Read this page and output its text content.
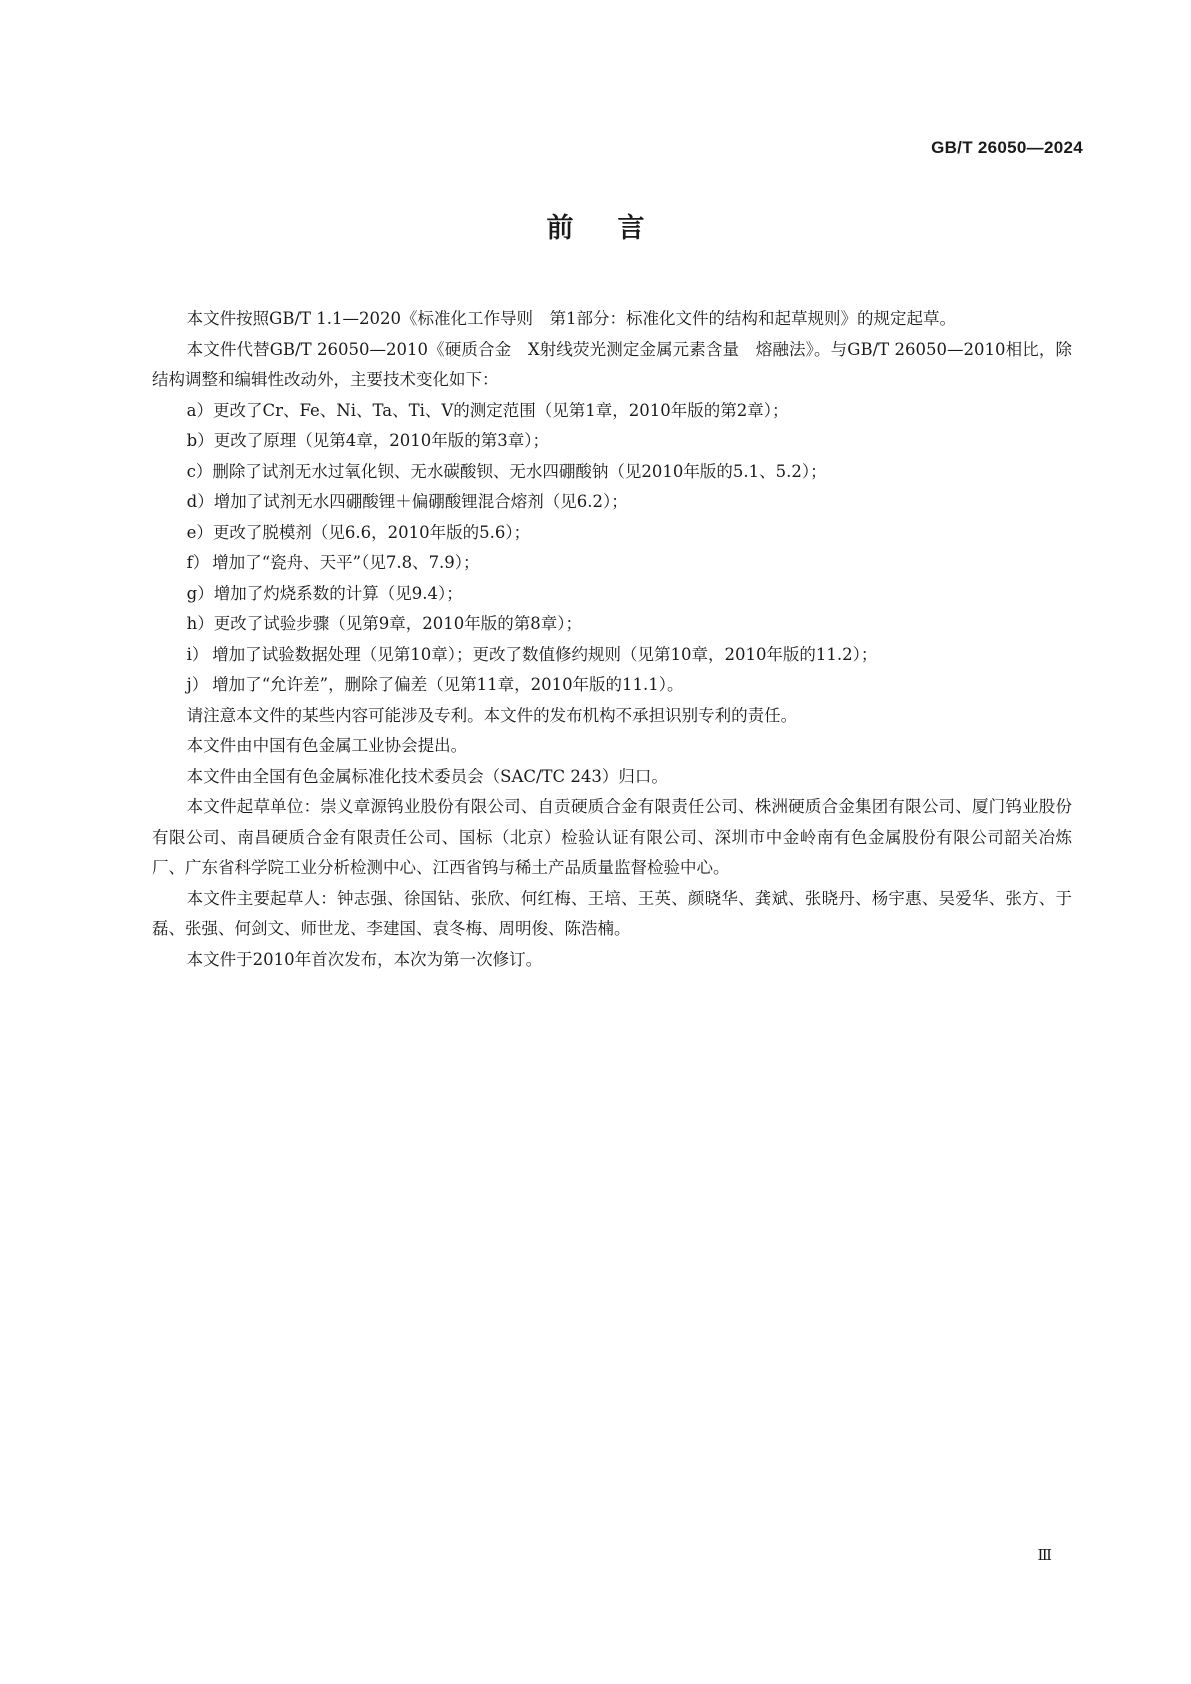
GB/T 26050—2024
前言

本文件按照GB/T 1.1—2020《标准化工作导则　第1部分：标准化文件的结构和起草规则》的规定起草。

本文件代替GB/T 26050—2010《硬质合金　X射线荧光测定金属元素含量　熔融法》。与GB/T 26050—2010相比，除结构调整和编辑性改动外，主要技术变化如下：

a）更改了Cr、Fe、Ni、Ta、Ti、V的测定范围（见第1章，2010年版的第2章）；

b）更改了原理（见第4章，2010年版的第3章）；

c）删除了试剂无水过氧化钡、无水碳酸钡、无水四硼酸钠（见2010年版的5.1、5.2）；

d）增加了试剂无水四硼酸锂＋偏硼酸锂混合熔剂（见6.2）；

e）更改了脱模剂（见6.6，2010年版的5.6）；

f） 增加了“瓷舟、天平”（见7.8、7.9）；

g）增加了灼烧系数的计算（见9.4）；

h）更改了试验步骤（见第9章，2010年版的第8章）；

i） 增加了试验数据处理（见第10章）；更改了数值修约规则（见第10章，2010年版的11.2）；

j） 增加了“允许差”，删除了偏差（见第11章，2010年版的11.1）。

请注意本文件的某些内容可能涉及专利。本文件的发布机构不承担识别专利的责任。

本文件由中国有色金属工业协会提出。

本文件由全国有色金属标准化技术委员会（SAC/TC 243）归口。

本文件起草单位：崇义章源钨业股份有限公司、自贡硬质合金有限责任公司、株洲硬质合金集团有限公司、厦门钨业股份有限公司、南昌硬质合金有限责任公司、国标（北京）检验认证有限公司、深圳市中金岭南有色金属股份有限公司韶关冶炼厂、广东省科学院工业分析检测中心、江西省钨与稀土产品质量监督检验中心。

本文件主要起草人：钟志强、徐国钻、张欣、何红梅、王培、王英、颜晓华、龚斌、张晓丹、杨宇惠、吴爱华、张方、于磊、张强、何剑文、师世龙、李建国、袁冬梅、周明俊、陈浩楠。

本文件于2010年首次发布，本次为第一次修订。

Ⅲ
